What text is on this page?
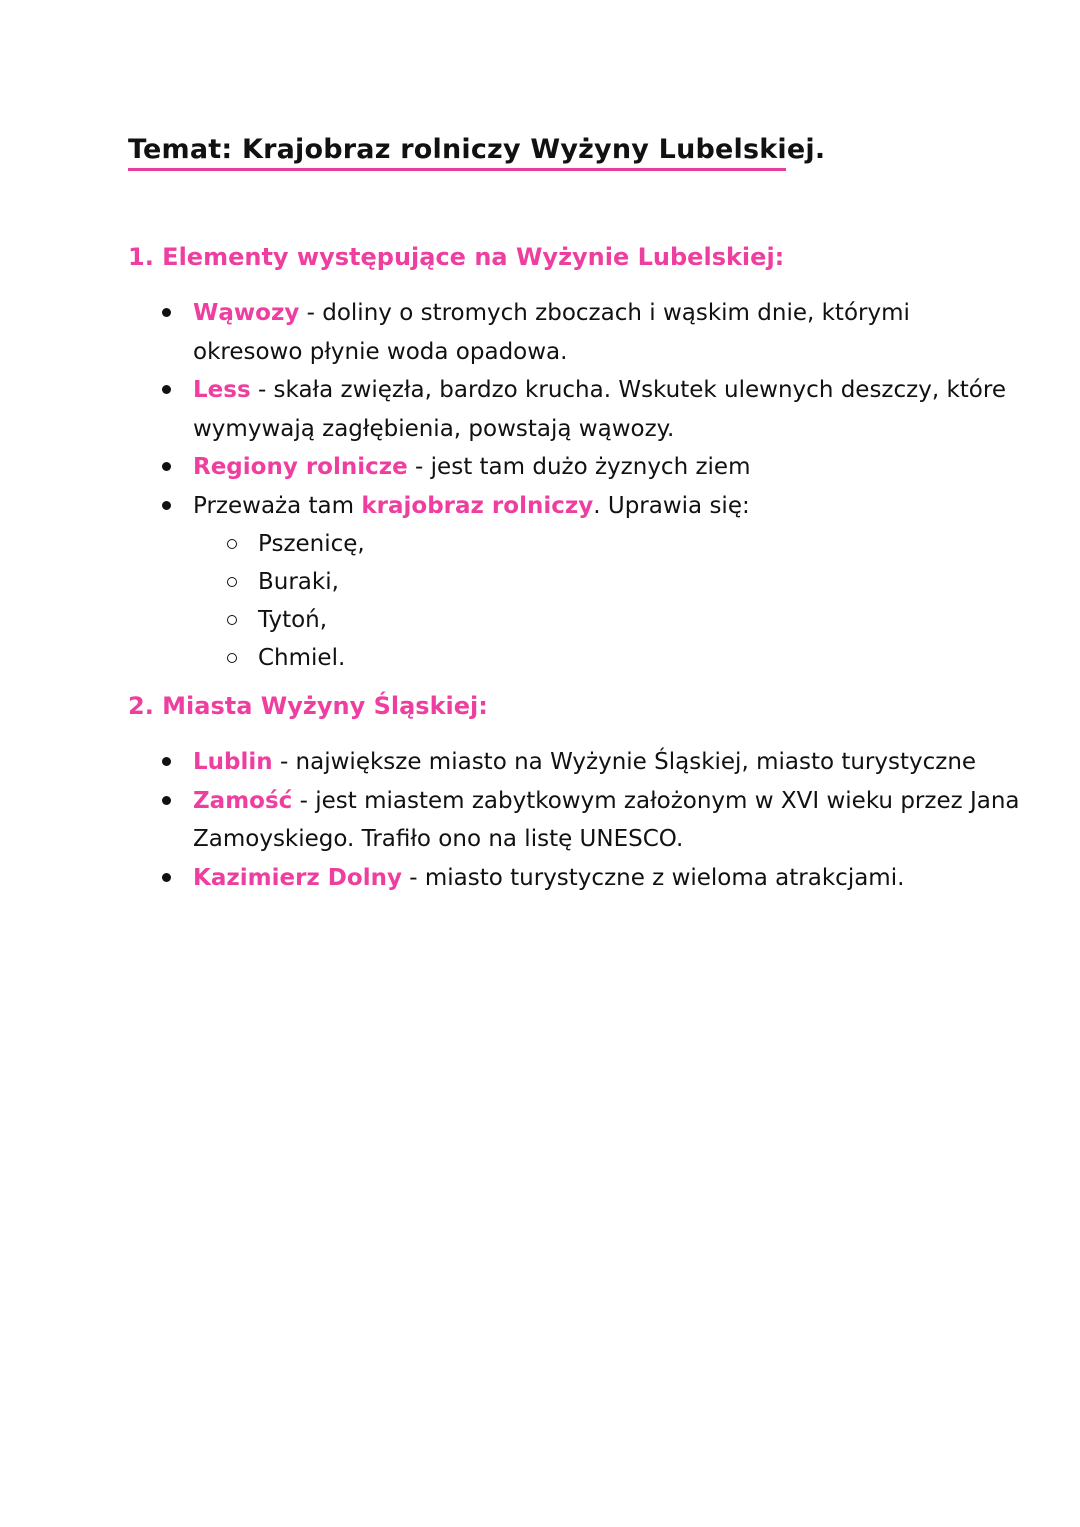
Temat: Krajobraz rolniczy Wyżyny Lubelskiej.
1. Elementy występujące na Wyżynie Lubelskiej:
Wąwozy - doliny o stromych zboczach i wąskim dnie, którymi okresowo płynie woda opadowa.
Less - skała zwięzła, bardzo krucha. Wskutek ulewnych deszczy, które wymywają zagłębienia, powstają wąwozy.
Regiony rolnicze - jest tam dużo żyznych ziem
Przeważa tam krajobraz rolniczy. Uprawia się:
Pszenicę,
Buraki,
Tytoń,
Chmiel.
2. Miasta Wyżyny Śląskiej:
Lublin - największe miasto na Wyżynie Śląskiej, miasto turystyczne
Zamość - jest miastem zabytkowym założonym w XVI wieku przez Jana Zamoyskiego. Trafiło ono na listę UNESCO.
Kazimierz Dolny - miasto turystyczne z wieloma atrakcjami.
